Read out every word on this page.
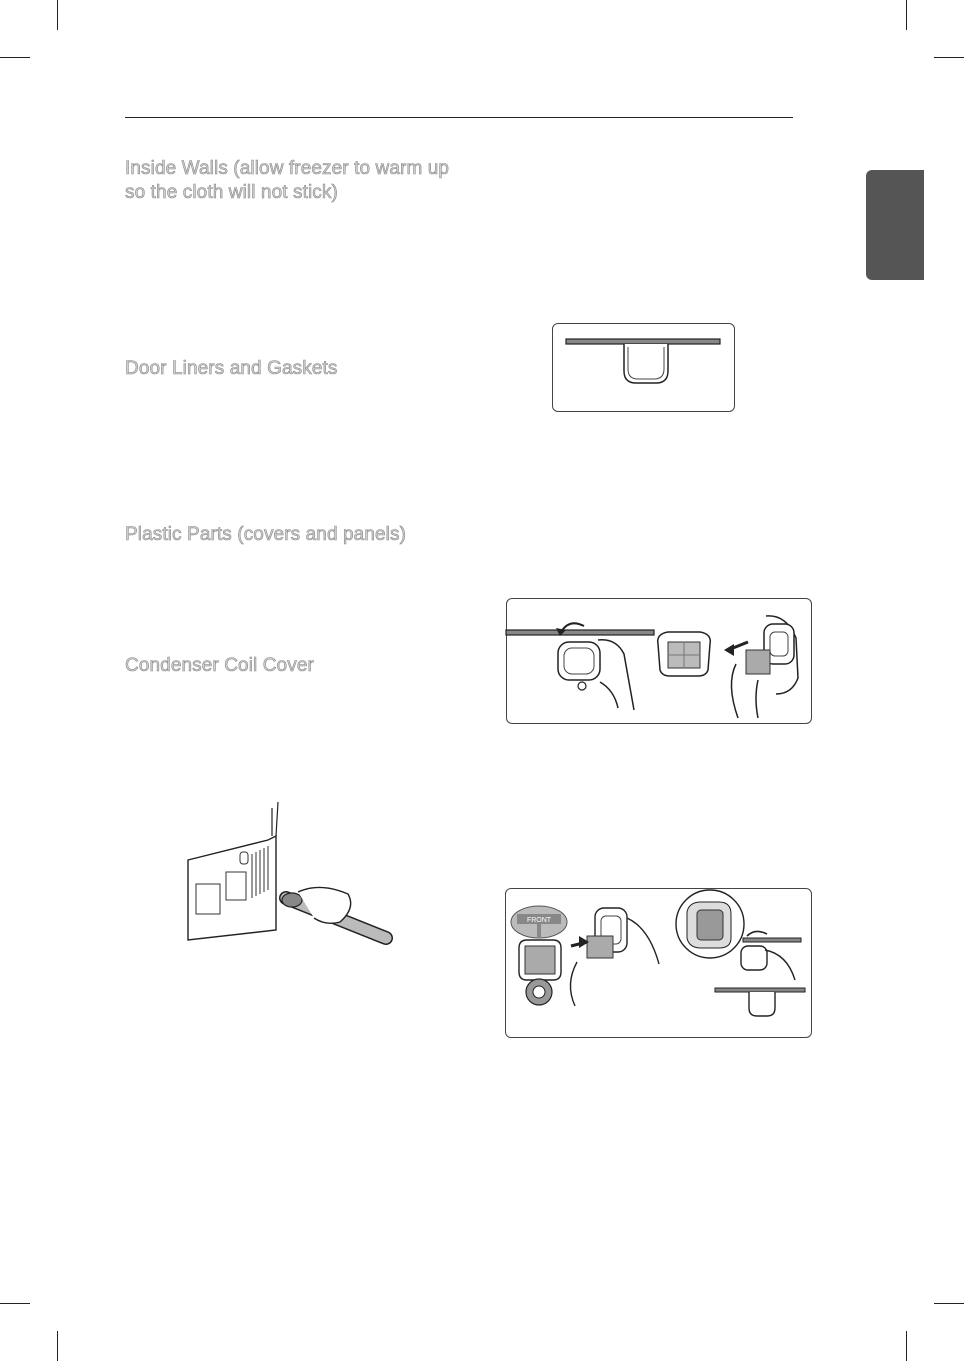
Inside Walls (allow freezer to warm up so the cloth will not stick)
Door Liners and Gaskets
Plastic Parts (covers and panels)
Condenser Coil Cover
FRONT
